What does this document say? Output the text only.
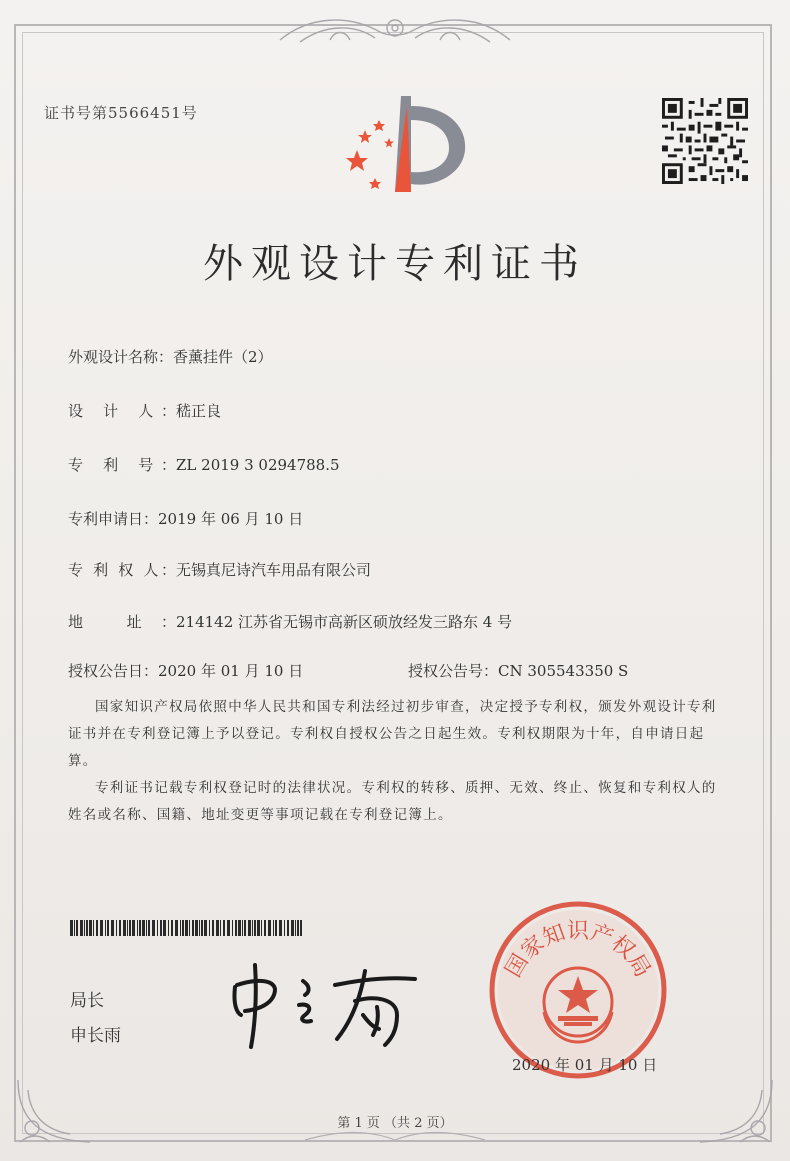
证书号第5566451号
外观设计专利证书
外观设计名称：香薰挂件（2）
设 计 人：嵇正良
专 利 号：ZL 2019 3 0294788.5
专利申请日：2019 年 06 月 10 日
专 利 权 人：无锡真尼诗汽车用品有限公司
地 址：214142 江苏省无锡市高新区硕放经发三路东 4 号
授权公告日：2020 年 01 月 10 日	授权公告号：CN 305543350 S
国家知识产权局依照中华人民共和国专利法经过初步审查，决定授予专利权，颁发外观设计专利证书并在专利登记簿上予以登记。专利权自授权公告之日起生效。专利权期限为十年，自申请日起算。
专利证书记载专利权登记时的法律状况。专利权的转移、质押、无效、终止、恢复和专利权人的姓名或名称、国籍、地址变更等事项记载在专利登记簿上。
局长
申长雨
国家知识产权局
2020 年 01 月 10 日
第 1 页 （共 2 页）
